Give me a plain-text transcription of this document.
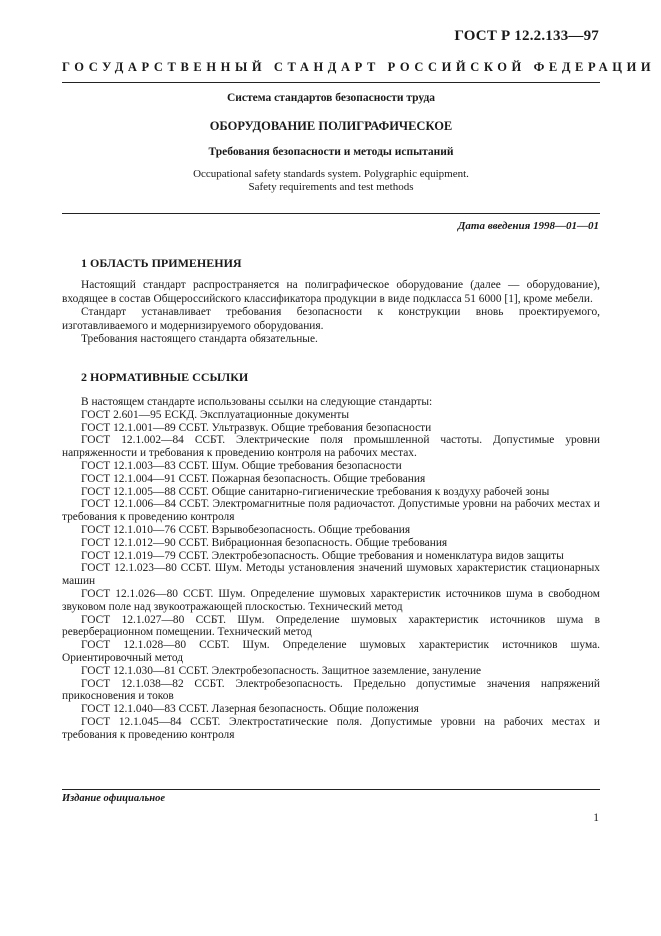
ГОСТ Р 12.2.133—97
ГОСУДАРСТВЕННЫЙ СТАНДАРТ РОССИЙСКОЙ ФЕДЕРАЦИИ
Система стандартов безопасности труда
ОБОРУДОВАНИЕ ПОЛИГРАФИЧЕСКОЕ
Требования безопасности и методы испытаний
Occupational safety standards system. Polygraphic equipment.
Safety requirements and test methods
Дата введения 1998—01—01
1 ОБЛАСТЬ ПРИМЕНЕНИЯ

Настоящий стандарт распространяется на полиграфическое оборудование (далее — оборудование), входящее в состав Общероссийского классификатора продукции в виде подкласса 51 6000 [1], кроме мебели.

Стандарт устанавливает требования безопасности к конструкции вновь проектируемого, изготавливаемого и модернизируемого оборудования.

Требования настоящего стандарта обязательные.

2 НОРМАТИВНЫЕ ССЫЛКИ

В настоящем стандарте использованы ссылки на следующие стандарты:

ГОСТ 2.601—95 ЕСКД. Эксплуатационные документы

ГОСТ 12.1.001—89 ССБТ. Ультразвук. Общие требования безопасности

ГОСТ 12.1.002—84 ССБТ. Электрические поля промышленной частоты. Допустимые уровни напряженности и требования к проведению контроля на рабочих местах.

ГОСТ 12.1.003—83 ССБТ. Шум. Общие требования безопасности

ГОСТ 12.1.004—91 ССБТ. Пожарная безопасность. Общие требования

ГОСТ 12.1.005—88 ССБТ. Общие санитарно-гигиенические требования к воздуху рабочей зоны

ГОСТ 12.1.006—84 ССБТ. Электромагнитные поля радиочастот. Допустимые уровни на рабочих местах и требования к проведению контроля

ГОСТ 12.1.010—76 ССБТ. Взрывобезопасность. Общие требования

ГОСТ 12.1.012—90 ССБТ. Вибрационная безопасность. Общие требования

ГОСТ 12.1.019—79 ССБТ. Электробезопасность. Общие требования и номенклатура видов защиты

ГОСТ 12.1.023—80 ССБТ. Шум. Методы установления значений шумовых характеристик стационарных машин

ГОСТ 12.1.026—80 ССБТ. Шум. Определение шумовых характеристик источников шума в свободном звуковом поле над звукоотражающей плоскостью. Технический метод

ГОСТ 12.1.027—80 ССБТ. Шум. Определение шумовых характеристик источников шума в реверберационном помещении. Технический метод

ГОСТ 12.1.028—80 ССБТ. Шум. Определение шумовых характеристик источников шума. Ориентировочный метод

ГОСТ 12.1.030—81 ССБТ. Электробезопасность. Защитное заземление, зануление

ГОСТ 12.1.038—82 ССБТ. Электробезопасность. Предельно допустимые значения напряжений прикосновения и токов

ГОСТ 12.1.040—83 ССБТ. Лазерная безопасность. Общие положения

ГОСТ 12.1.045—84 ССБТ. Электростатические поля. Допустимые уровни на рабочих местах и требования к проведению контроля

Издание официальное
1
